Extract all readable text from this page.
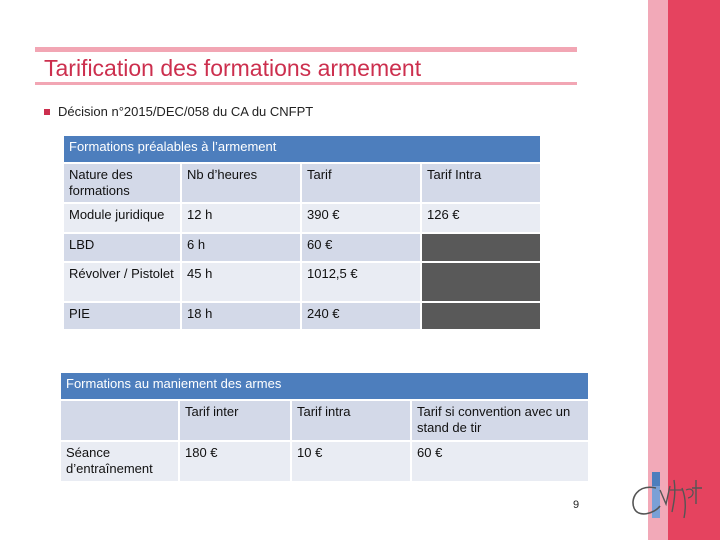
Tarification des formations armement
Décision n°2015/DEC/058 du CA du CNFPT
Formations préalables à l’armement			
Nature des formations	Nb d’heures	Tarif	Tarif Intra
Module juridique	12 h	390 €	126 €
LBD	6 h	60 €	
Révolver / Pistolet	45 h	1012,5 €	
PIE	18 h	240 €	
Formations au maniement des armes			
	Tarif inter	Tarif intra	Tarif si convention avec un stand de tir
Séance d’entraînement	180 €	10 €	60 €
9
